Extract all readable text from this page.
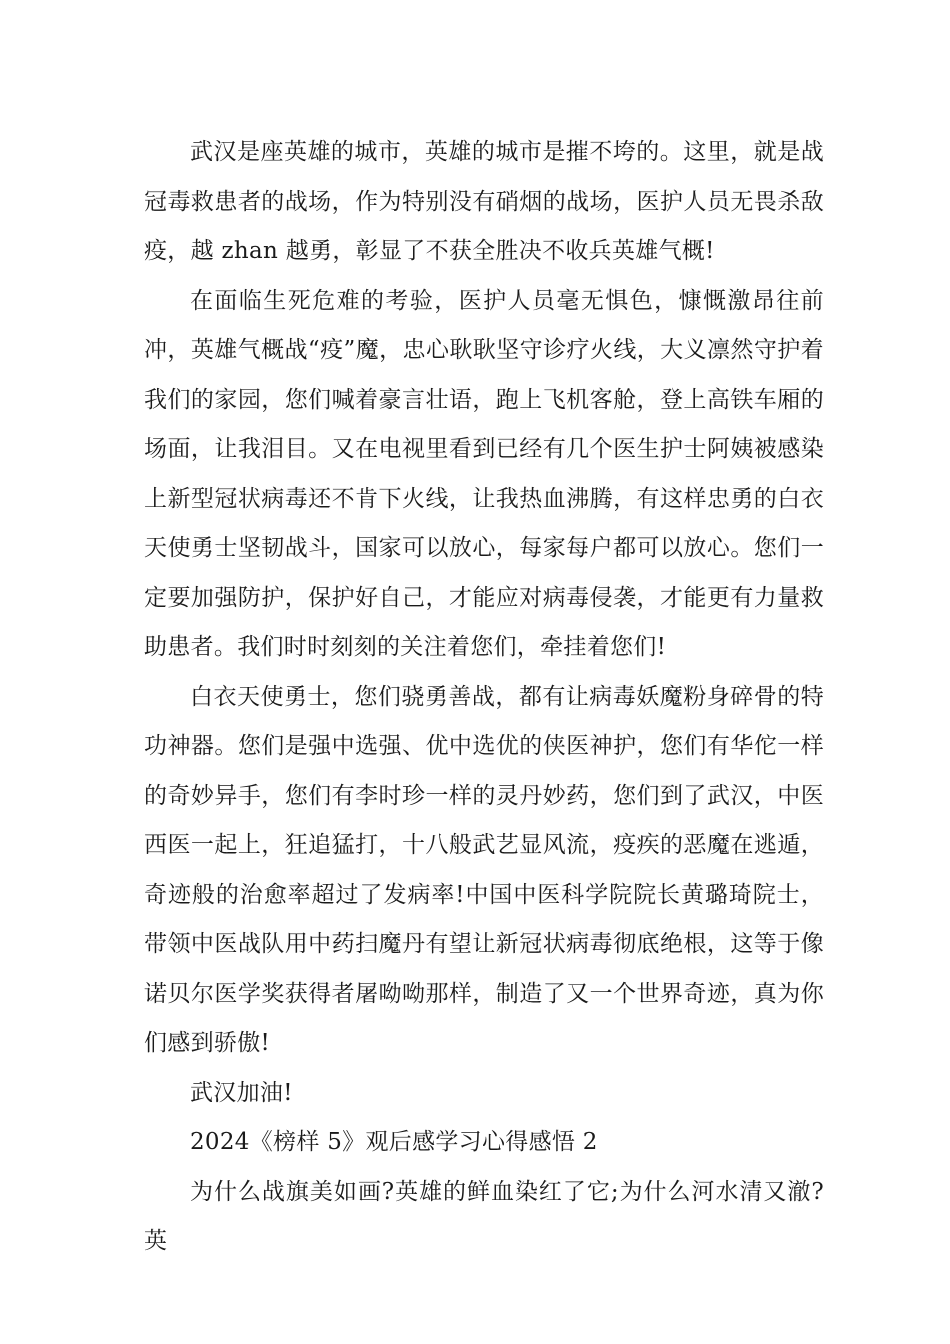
武汉是座英雄的城市，英雄的城市是摧不垮的。这里，就是战冠毒救患者的战场，作为特别没有硝烟的战场，医护人员无畏杀敌疫，越 zhan 越勇，彰显了不获全胜决不收兵英雄气概!

在面临生死危难的考验，医护人员毫无惧色，慷慨激昂往前冲，英雄气概战“疫”魔，忠心耿耿坚守诊疗火线，大义凛然守护着我们的家园，您们喊着豪言壮语，跑上飞机客舱，登上高铁车厢的场面，让我泪目。又在电视里看到已经有几个医生护士阿姨被感染上新型冠状病毒还不肯下火线，让我热血沸腾，有这样忠勇的白衣天使勇士坚韧战斗，国家可以放心，每家每户都可以放心。您们一定要加强防护，保护好自己，才能应对病毒侵袭，才能更有力量救助患者。我们时时刻刻的关注着您们，牵挂着您们!

白衣天使勇士，您们骁勇善战，都有让病毒妖魔粉身碎骨的特功神器。您们是强中选强、优中选优的侠医神护，您们有华佗一样的奇妙异手，您们有李时珍一样的灵丹妙药，您们到了武汉，中医西医一起上，狂追猛打，十八般武艺显风流，疫疾的恶魔在逃遁，奇迹般的治愈率超过了发病率!中国中医科学院院长黄璐琦院士，带领中医战队用中药扫魔丹有望让新冠状病毒彻底绝根，这等于像诺贝尔医学奖获得者屠呦呦那样，制造了又一个世界奇迹，真为你们感到骄傲!

武汉加油!

2024《榜样 5》观后感学习心得感悟 2

为什么战旗美如画?英雄的鲜血染红了它;为什么河水清又澈?英
